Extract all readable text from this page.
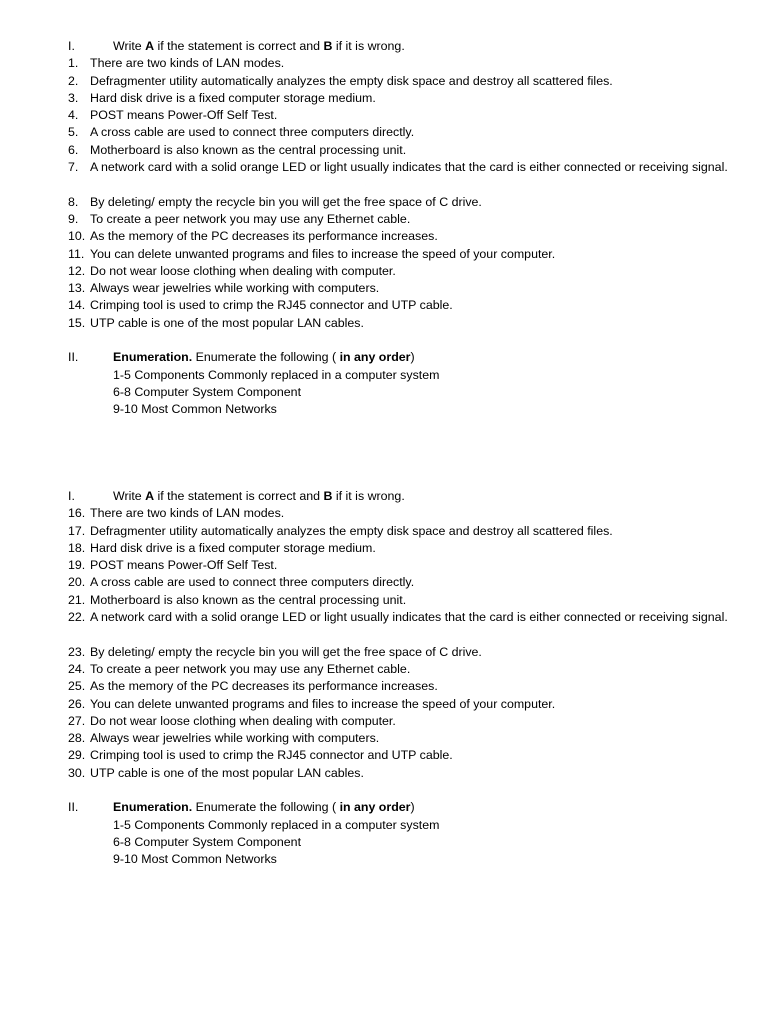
I.	Write A if the statement is correct and B if it is wrong.
1. There are two kinds of LAN modes.
2. Defragmenter utility automatically analyzes the empty disk space and destroy all scattered files.
3. Hard disk drive is a fixed computer storage medium.
4. POST means Power-Off Self Test.
5. A cross cable are used to connect three computers directly.
6. Motherboard is also known as the central processing unit.
7. A network card with a solid orange LED or light usually indicates that the card is either connected or receiving signal.
8. By deleting/ empty the recycle bin you will get the free space of C drive.
9. To create a peer network you may use any Ethernet cable.
10. As the memory of the PC decreases its performance increases.
11. You can delete unwanted programs and files to increase the speed of your computer.
12. Do not wear loose clothing when dealing with computer.
13. Always wear jewelries while working with computers.
14. Crimping tool is used to crimp the RJ45 connector and UTP cable.
15. UTP cable is one of the most popular LAN cables.
II.	Enumeration. Enumerate the following ( in any order)
1-5 Components Commonly replaced in a computer system
6-8 Computer System Component
9-10 Most Common Networks
I.	Write A if the statement is correct and B if it is wrong.
16. There are two kinds of LAN modes.
17. Defragmenter utility automatically analyzes the empty disk space and destroy all scattered files.
18. Hard disk drive is a fixed computer storage medium.
19. POST means Power-Off Self Test.
20. A cross cable are used to connect three computers directly.
21. Motherboard is also known as the central processing unit.
22. A network card with a solid orange LED or light usually indicates that the card is either connected or receiving signal.
23. By deleting/ empty the recycle bin you will get the free space of C drive.
24. To create a peer network you may use any Ethernet cable.
25. As the memory of the PC decreases its performance increases.
26. You can delete unwanted programs and files to increase the speed of your computer.
27. Do not wear loose clothing when dealing with computer.
28. Always wear jewelries while working with computers.
29. Crimping tool is used to crimp the RJ45 connector and UTP cable.
30. UTP cable is one of the most popular LAN cables.
II.	Enumeration. Enumerate the following ( in any order)
1-5 Components Commonly replaced in a computer system
6-8 Computer System Component
9-10 Most Common Networks
